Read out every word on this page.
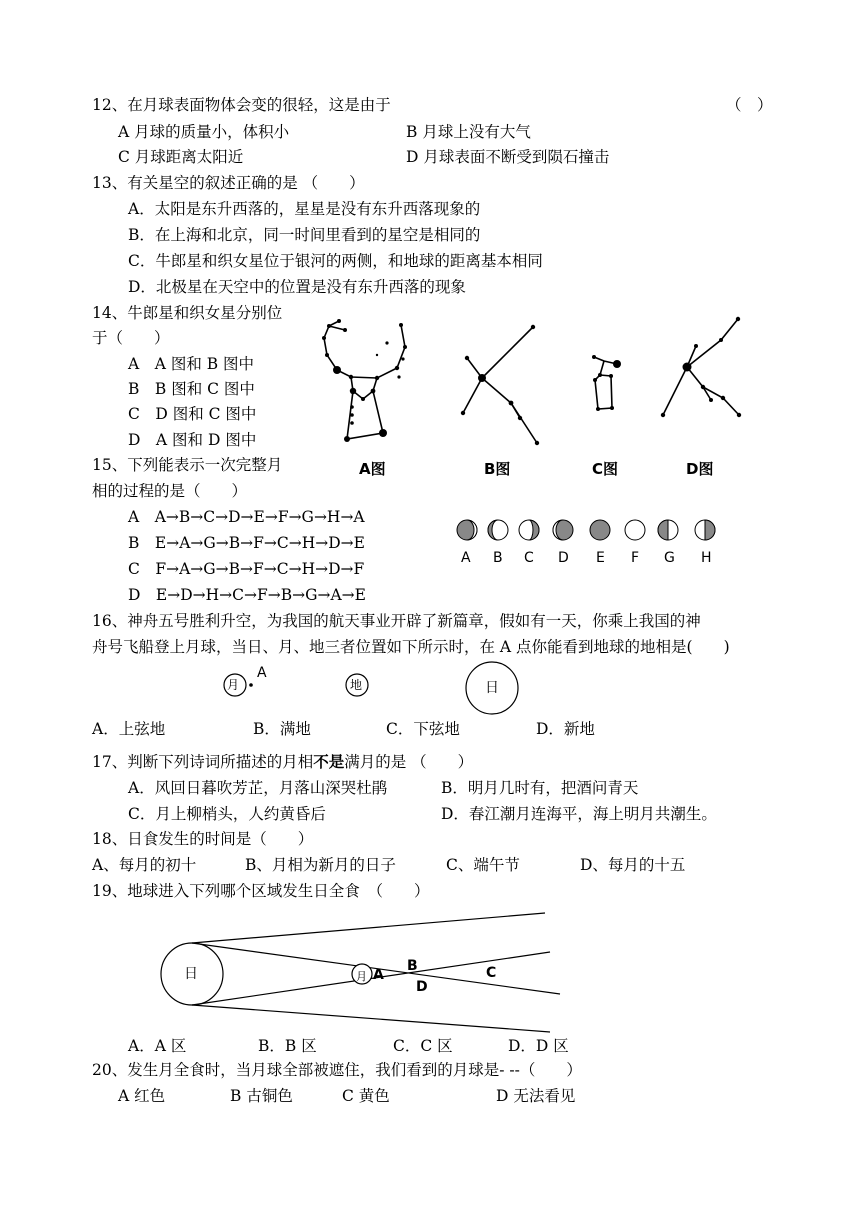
12、在月球表面物体会变的很轻，这是由于	（　）
A 月球的质量小，体积小	B 月球上没有大气
C 月球距离太阳近	D 月球表面不断受到陨石撞击
13、有关星空的叙述正确的是 （　　）
A．太阳是东升西落的，星星是没有东升西落现象的
B．在上海和北京，同一时间里看到的星空是相同的
C．牛郎星和织女星位于银河的两侧，和地球的距离基本相同
D．北极星在天空中的位置是没有东升西落的现象
14、牛郎星和织女星分别位
于（　　）
A　A 图和 B 图中
B　B 图和 C 图中
C　D 图和 C 图中
D　A 图和 D 图中
A图	B图	C图	D图
15、下列能表示一次完整月
相的过程的是（　　）
A　A→B→C→D→E→F→G→H→A
B　E→A→G→B→F→C→H→D→E
C　F→A→G→B→F→C→H→D→F
D　E→D→H→C→F→B→G→A→E
A B C D E F G H
16、神舟五号胜利升空，为我国的航天事业开辟了新篇章，假如有一天，你乘上我国的神
舟号飞船登上月球，当日、月、地三者位置如下所示时，在 A 点你能看到地球的地相是(　　)
月
A
地	日
A．上弦地	B．满地	C．下弦地	D．新地
17、判断下列诗词所描述的月相不是满月的是 （　　）
A．风回日暮吹芳芷，月落山深哭杜鹃	B．明月几时有，把酒问青天
C．月上柳梢头，人约黄昏后	D．春江潮月连海平，海上明月共潮生。
18、日食发生的时间是（　　）
A、每月的初十	B、月相为新月的日子	C、端午节	D、每月的十五
19、地球进入下列哪个区域发生日全食　（　　）
日	月 A
B	C
D
A．A 区	B．B 区	C．C 区	D．D 区
20、发生月全食时，当月球全部被遮住，我们看到的月球是- --（　　）
A 红色	B 古铜色	C 黄色	D 无法看见
